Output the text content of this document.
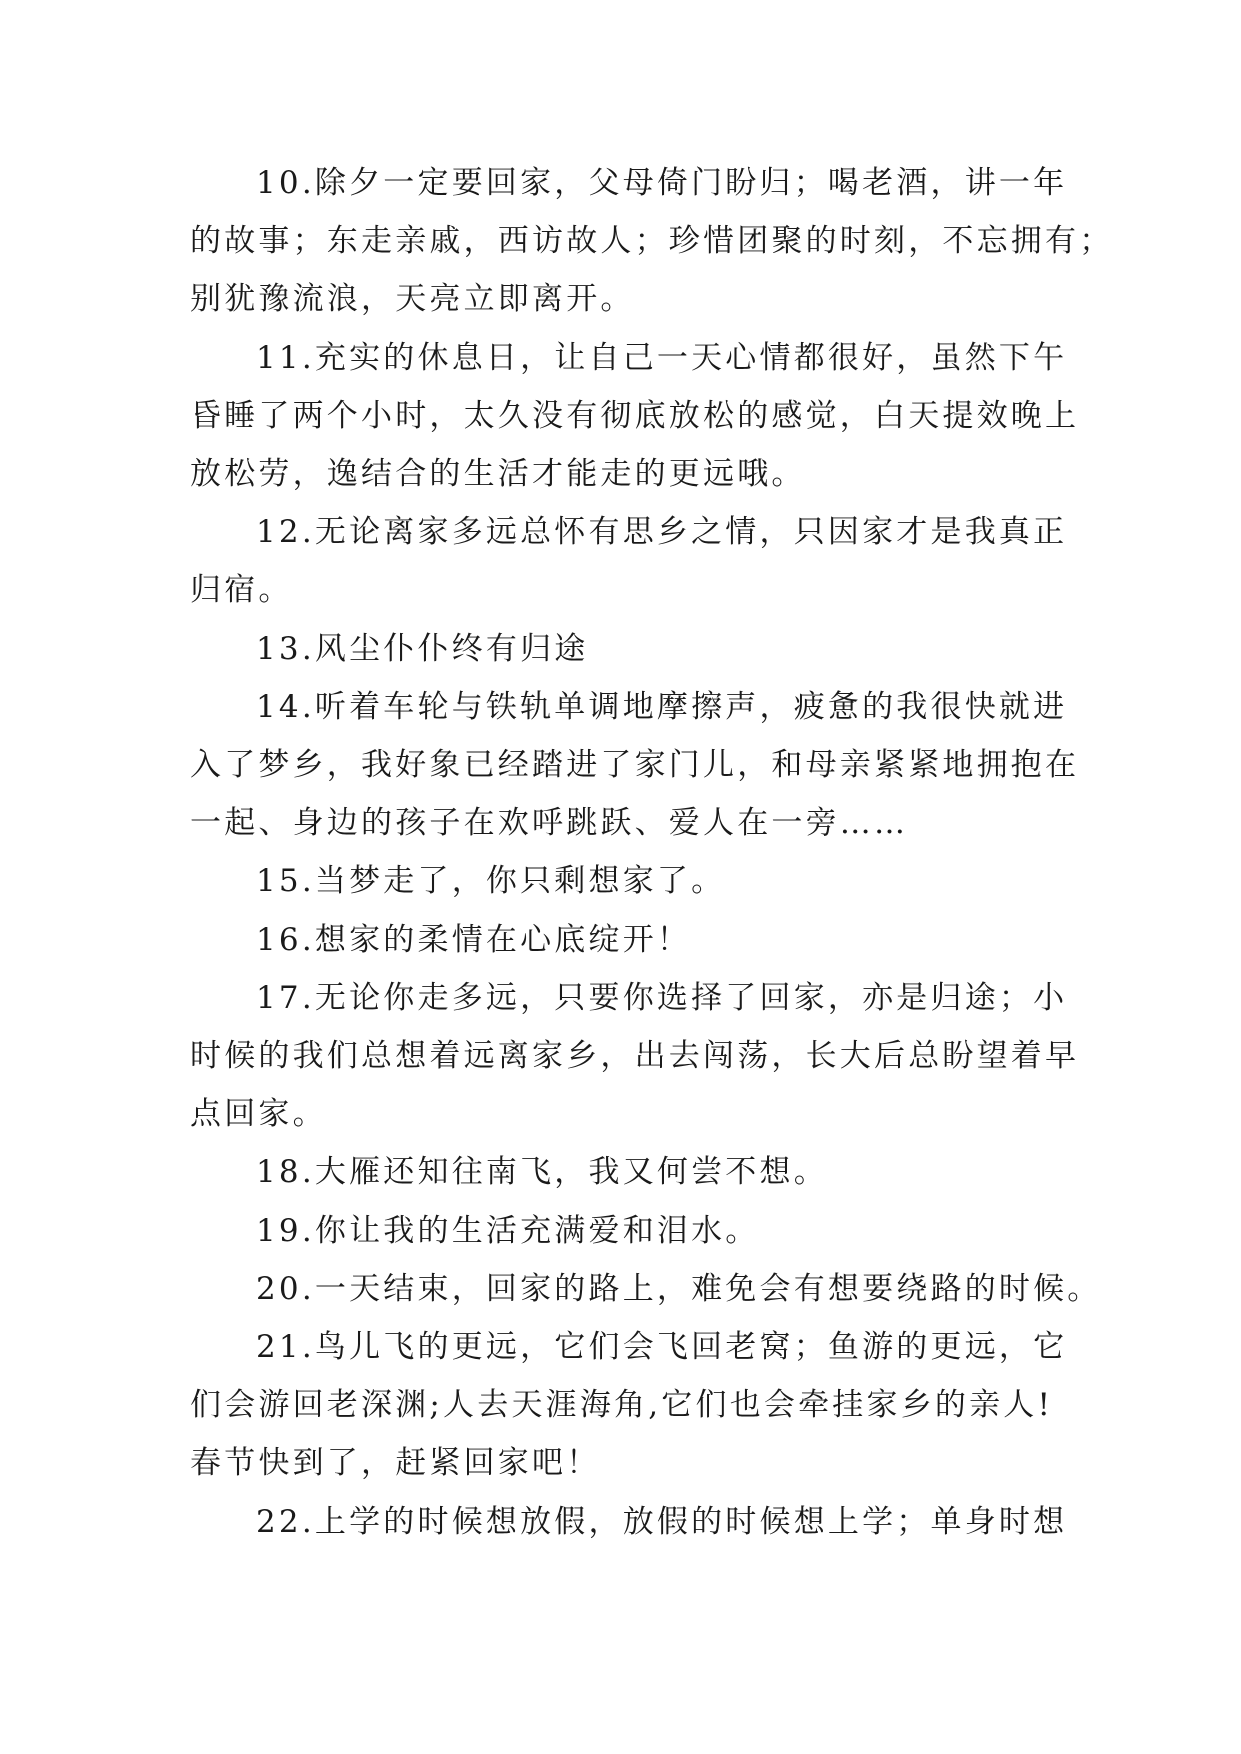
10.除夕一定要回家，父母倚门盼归；喝老酒，讲一年
的故事；东走亲戚，西访故人；珍惜团聚的时刻，不忘拥有；
别犹豫流浪，天亮立即离开。

11.充实的休息日，让自己一天心情都很好，虽然下午
昏睡了两个小时，太久没有彻底放松的感觉，白天提效晚上
放松劳，逸结合的生活才能走的更远哦。

12.无论离家多远总怀有思乡之情，只因家才是我真正
归宿。

13.风尘仆仆终有归途

14.听着车轮与铁轨单调地摩擦声，疲惫的我很快就进
入了梦乡，我好象已经踏进了家门儿，和母亲紧紧地拥抱在
一起、身边的孩子在欢呼跳跃、爱人在一旁……

15.当梦走了，你只剩想家了。

16.想家的柔情在心底绽开！

17.无论你走多远，只要你选择了回家，亦是归途；小
时候的我们总想着远离家乡，出去闯荡，长大后总盼望着早
点回家。

18.大雁还知往南飞，我又何尝不想。

19.你让我的生活充满爱和泪水。

20.一天结束，回家的路上，难免会有想要绕路的时候。

21.鸟儿飞的更远，它们会飞回老窝；鱼游的更远，它
们会游回老深渊;人去天涯海角,它们也会牵挂家乡的亲人!
春节快到了，赶紧回家吧！

22.上学的时候想放假，放假的时候想上学；单身时想
